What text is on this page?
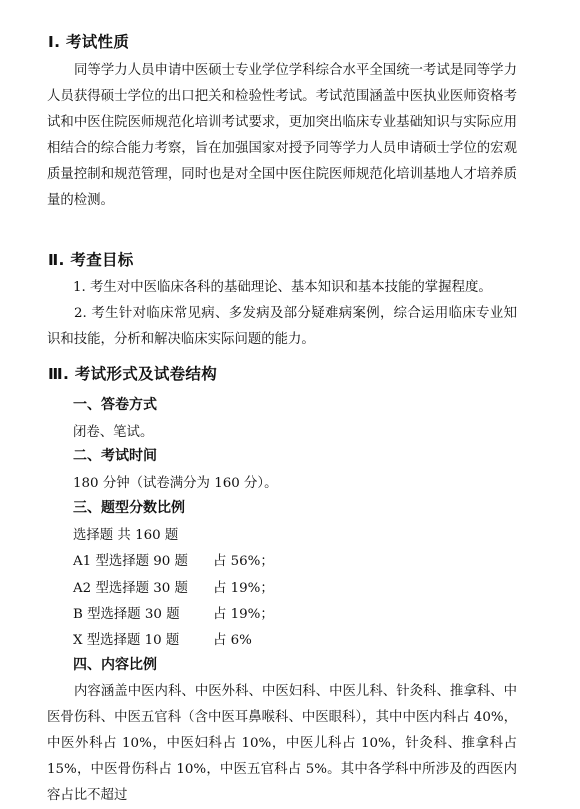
Ⅰ. 考试性质

同等学力人员申请中医硕士专业学位学科综合水平全国统一考试是同等学力人员获得硕士学位的出口把关和检验性考试。考试范围涵盖中医执业医师资格考试和中医住院医师规范化培训考试要求，更加突出临床专业基础知识与实际应用相结合的综合能力考察，旨在加强国家对授予同等学力人员申请硕士学位的宏观质量控制和规范管理，同时也是对全国中医住院医师规范化培训基地人才培养质量的检测。

Ⅱ. 考查目标
1. 考生对中医临床各科的基础理论、基本知识和基本技能的掌握程度。

2. 考生针对临床常见病、多发病及部分疑难病案例，综合运用临床专业知识和技能，分析和解决临床实际问题的能力。

Ⅲ. 考试形式及试卷结构
一、答卷方式
闭卷、笔试。
二、考试时间
180 分钟（试卷满分为 160 分）。
三、题型分数比例
选择题 共 160 题
A1 型选择题 90 题 占 56%；
A2 型选择题 30 题 占 19%；
B 型选择题 30 题 占 19%；
X 型选择题 10 题	占 6%
四、内容比例

内容涵盖中医内科、中医外科、中医妇科、中医儿科、针灸科、推拿科、中医骨伤科、中医五官科（含中医耳鼻喉科、中医眼科），其中中医内科占 40%，中医外科占 10%，中医妇科占 10%，中医儿科占 10%，针灸科、推拿科占 15%，中医骨伤科占 10%，中医五官科占 5%。其中各学科中所涉及的西医内容占比不超过
